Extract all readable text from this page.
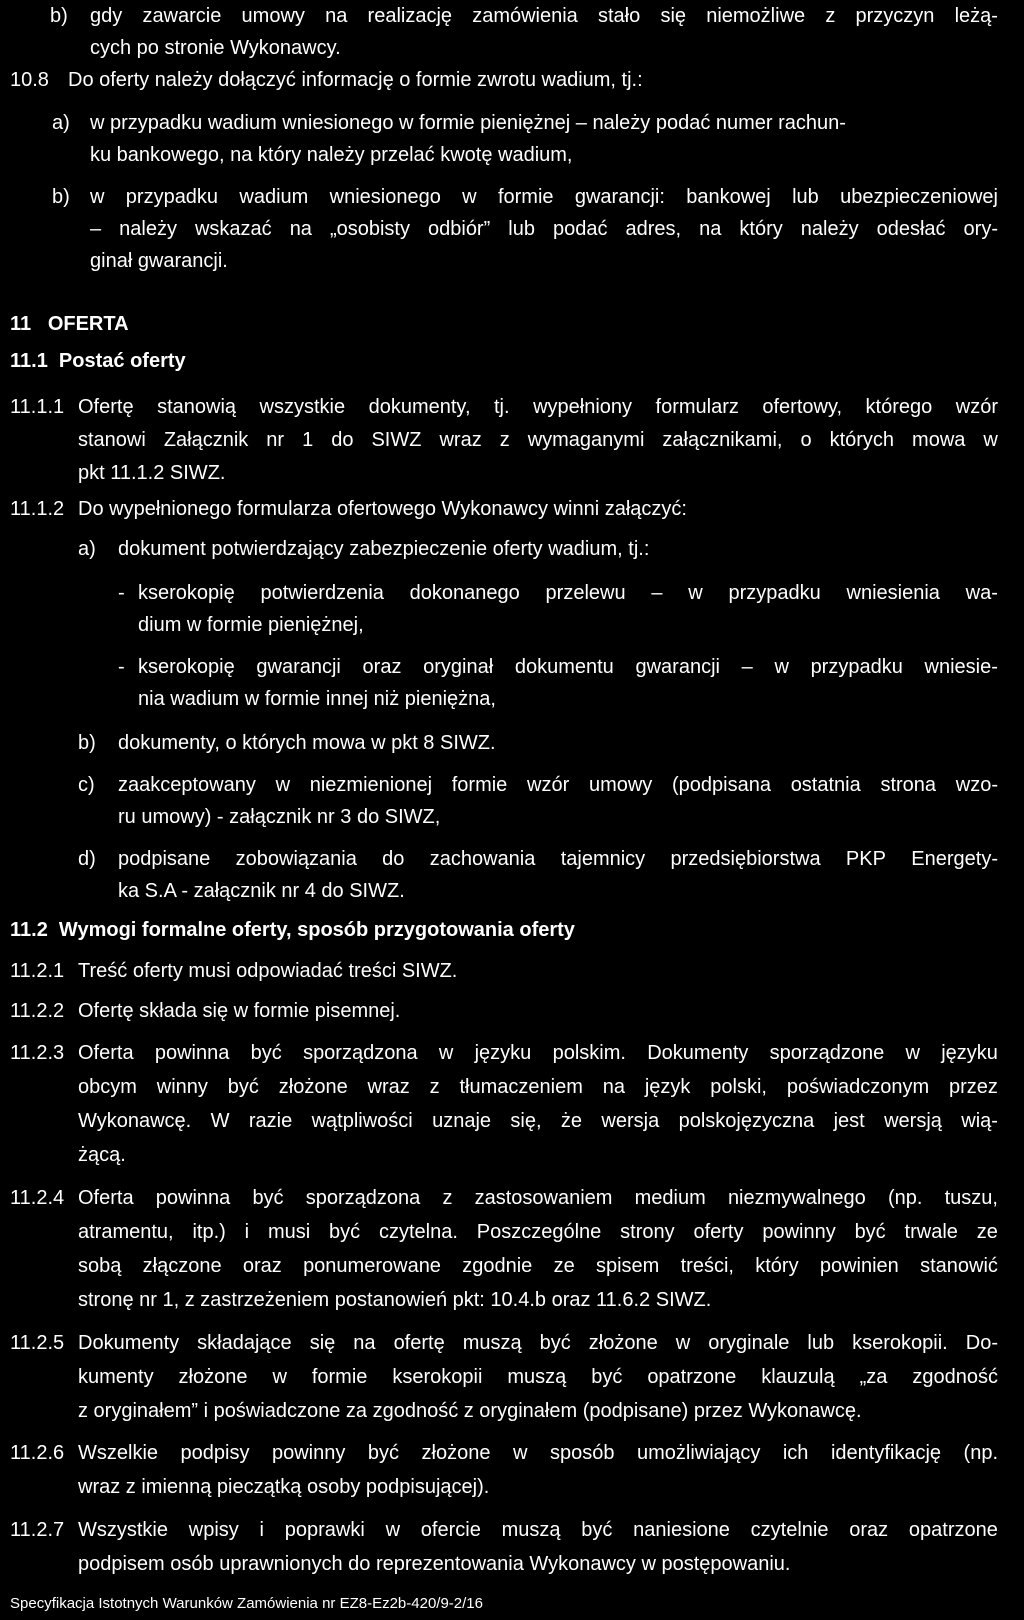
b) gdy zawarcie umowy na realizację zamówienia stało się niemożliwe z przyczyn leżą-
cych po stronie Wykonawcy.
10.8 Do oferty należy dołączyć informację o formie zwrotu wadium, tj.:
a) w przypadku wadium wniesionego w formie pieniężnej – należy podać numer rachun-
ku bankowego, na który należy przelać kwotę wadium,
b) w przypadku wadium wniesionego w formie gwarancji: bankowej lub ubezpieczeniowej
– należy wskazać na „osobisty odbiór” lub podać adres, na który należy odesłać ory-
ginał gwarancji.
11   OFERTA
11.1  Postać oferty
11.1.1 Ofertę stanowią wszystkie dokumenty, tj. wypełniony formularz ofertowy, którego wzór
stanowi Załącznik nr 1 do SIWZ wraz z wymaganymi załącznikami, o których mowa w
pkt 11.1.2 SIWZ.
11.1.2 Do wypełnionego formularza ofertowego Wykonawcy winni załączyć:
a) dokument potwierdzający zabezpieczenie oferty wadium, tj.:
- kserokopię potwierdzenia dokonanego przelewu – w przypadku wniesienia wa-
dium w formie pieniężnej,
- kserokopię gwarancji oraz oryginał dokumentu gwarancji – w przypadku wniesie-
nia wadium w formie innej niż pieniężna,
b) dokumenty, o których mowa w pkt 8 SIWZ.
c) zaakceptowany w niezmienionej formie wzór umowy (podpisana ostatnia strona wzo-
ru umowy) - załącznik nr 3 do SIWZ,
d) podpisane zobowiązania do zachowania tajemnicy przedsiębiorstwa PKP Energety-
ka S.A - załącznik nr 4 do SIWZ.
11.2  Wymogi formalne oferty, sposób przygotowania oferty
11.2.1 Treść oferty musi odpowiadać treści SIWZ.
11.2.2 Ofertę składa się w formie pisemnej.
11.2.3 Oferta powinna być sporządzona w języku polskim. Dokumenty sporządzone w języku
obcym winny być złożone wraz z tłumaczeniem na język polski, poświadczonym przez
Wykonawcę. W razie wątpliwości uznaje się, że wersja polskojęzyczna jest wersją wią-
żącą.
11.2.4 Oferta powinna być sporządzona z zastosowaniem medium niezmywalnego (np. tuszu,
atramentu, itp.) i musi być czytelna. Poszczególne strony oferty powinny być trwale ze
sobą złączone oraz ponumerowane zgodnie ze spisem treści, który powinien stanowić
stronę nr 1, z zastrzeżeniem postanowień pkt: 10.4.b oraz 11.6.2 SIWZ.
11.2.5 Dokumenty składające się na ofertę muszą być złożone w oryginale lub kserokopii. Do-
kumenty złożone w formie kserokopii muszą być opatrzone klauzulą „za zgodność
z oryginałem” i poświadczone za zgodność z oryginałem (podpisane) przez Wykonawcę.
11.2.6 Wszelkie podpisy powinny być złożone w sposób umożliwiający ich identyfikację (np.
wraz z imienną pieczątką osoby podpisującej).
11.2.7 Wszystkie wpisy i poprawki w ofercie muszą być naniesione czytelnie oraz opatrzone
podpisem osób uprawnionych do reprezentowania Wykonawcy w postępowaniu.
Specyfikacja Istotnych Warunków Zamówienia nr EZ8-Ez2b-420/9-2/16
